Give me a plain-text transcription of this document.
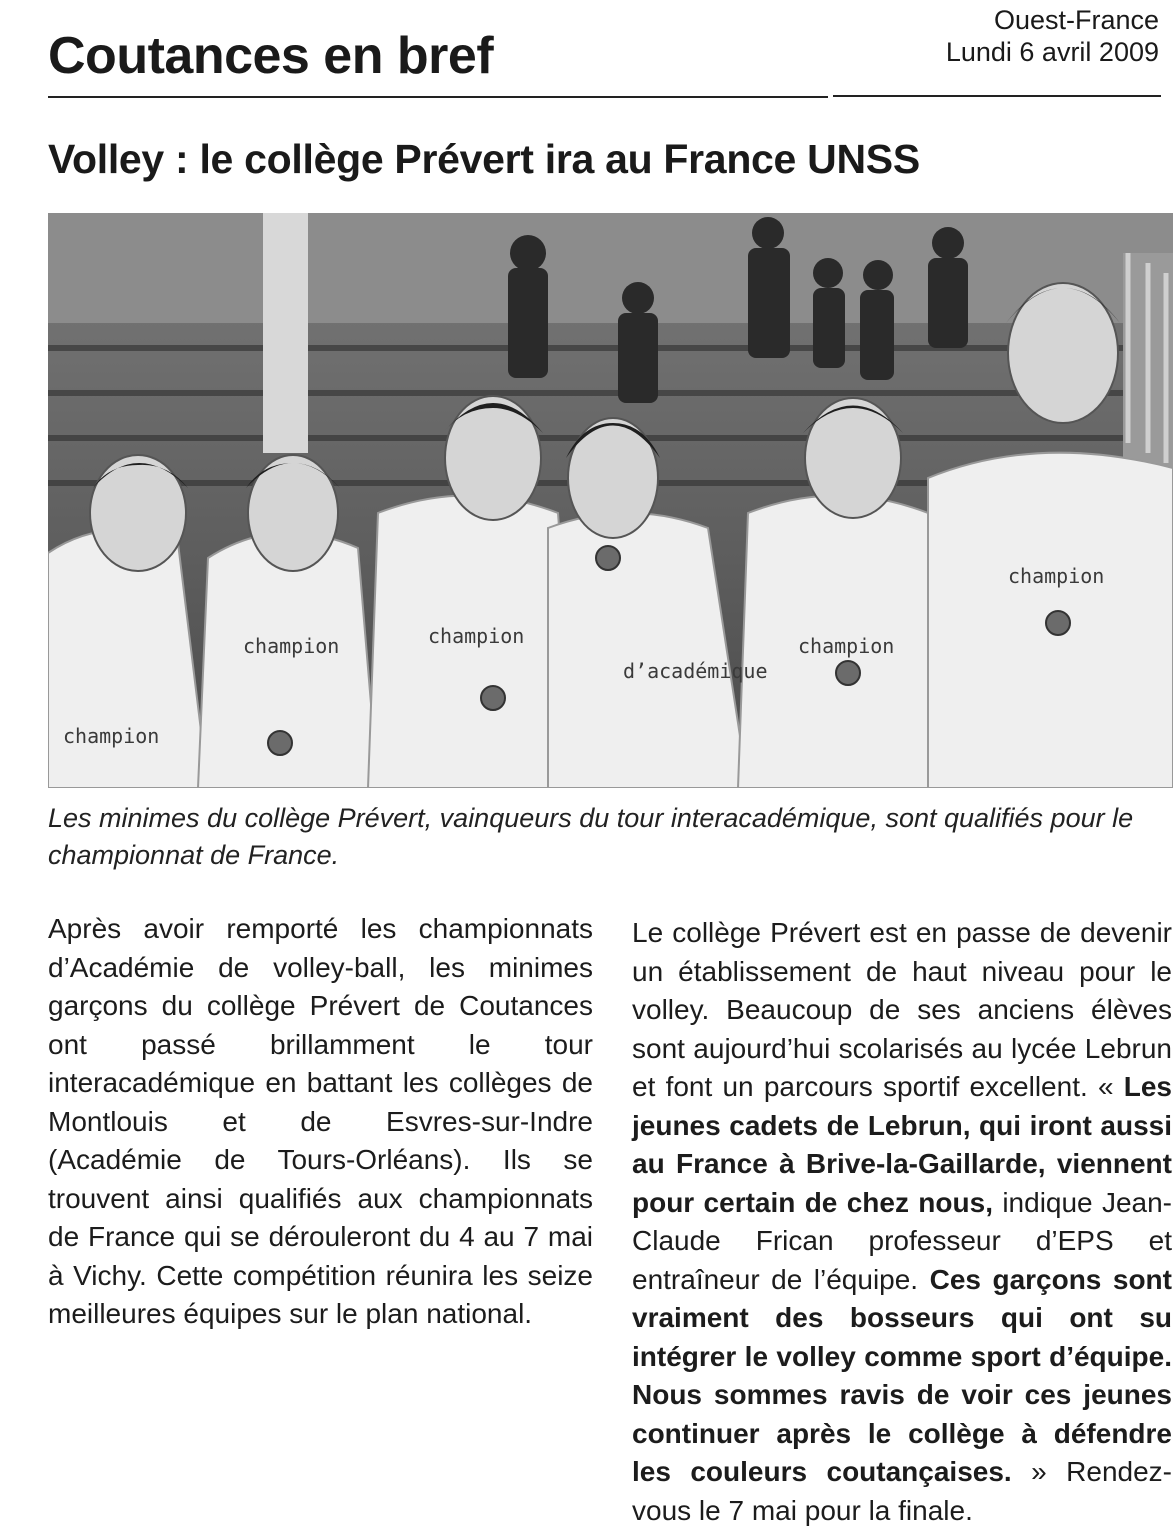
Coutances en bref
Ouest-France
Lundi 6 avril 2009
Volley : le collège Prévert ira au France UNSS
champion
champion	champion
d’académique
champion
champion

Les minimes du collège Prévert, vainqueurs du tour interacadémique, sont qualifiés pour le championnat de France.

Après avoir remporté les championnats d’Académie de volley-ball, les minimes garçons du collège Prévert de Coutances ont passé brillamment le tour interacadémique en battant les collèges de Montlouis et de Esvres-sur-Indre (Académie de Tours-Orléans). Ils se trouvent ainsi qualifiés aux championnats de France qui se dérouleront du 4 au 7 mai à Vichy. Cette compétition réunira les seize meilleures équipes sur le plan national.

Le collège Prévert est en passe de devenir un établissement de haut niveau pour le volley. Beaucoup de ses anciens élèves sont aujourd’hui scolarisés au lycée Lebrun et font un parcours sportif excellent. « Les jeunes cadets de Lebrun, qui iront aussi au France à Brive-la-Gaillarde, viennent pour certain de chez nous, indique Jean-Claude Frican professeur d’EPS et entraîneur de l’équipe. Ces garçons sont vraiment des bosseurs qui ont su intégrer le volley comme sport d’équipe. Nous sommes ravis de voir ces jeunes continuer après le collège à défendre les couleurs coutançaises. » Rendez-vous le 7 mai pour la finale.
